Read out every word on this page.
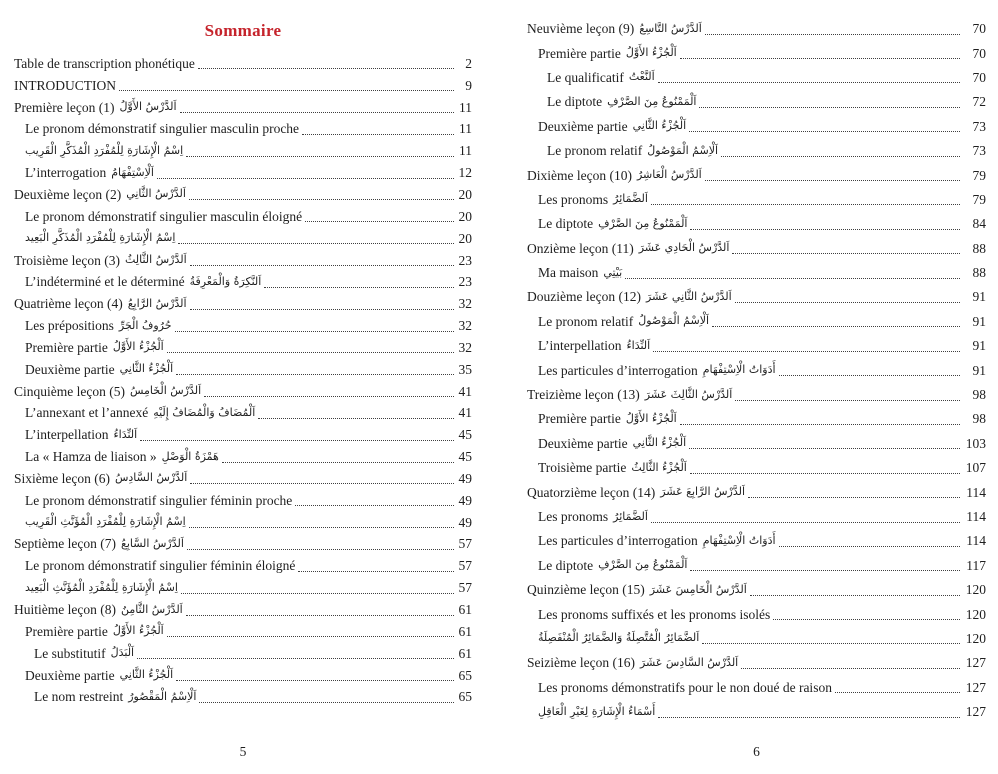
Sommaire
Table de transcription phonétique	2
INTRODUCTION	9
Première leçon (1) اَلدَّرْسُ الأَوَّلُ	11
Le pronom démonstratif singulier masculin proche	11
اِسْمُ الْإِشَارَةِ لِلْمُفْرَدِ الْمُذَكَّرِ الْقَرِيب	11
L’interrogation اَلْاِسْتِفْهَامُ	12
Deuxième leçon (2) اَلدَّرْسُ الثَّانِي	20
Le pronom démonstratif singulier masculin éloigné	20
اِسْمُ الْإِشَارَةِ لِلْمُفْرَدِ الْمُذَكَّرِ الْبَعِيد	20
Troisième leçon (3) اَلدَّرْسُ الثَّالِثُ	23
L’indéterminé et le déterminé اَلنَّكِرَةُ وَالْمَعْرِفَةُ	23
Quatrième leçon (4) اَلدَّرْسُ الرَّابِعُ	32
Les prépositions حُرُوفُ الْجَرِّ	32
Première partie اَلْجُزْءُ الأَوَّلُ	32
Deuxième partie اَلْجُزْءُ الثَّانِي	35
Cinquième leçon (5) اَلدَّرْسُ الْخَامِسُ	41
L’annexant et l’annexé اَلْمُضَافُ وَالْمُضَافُ إِلَيْهِ	41
L’interpellation اَلنِّدَاءُ	45
La « Hamza de liaison » هَمْزَةُ الْوَصْلِ	45
Sixième leçon (6) اَلدَّرْسُ السَّادِسُ	49
Le pronom démonstratif singulier féminin proche	49
اِسْمُ الْإِشَارَةِ لِلْمُفْرَدِ الْمُؤَنَّثِ الْقَرِيب	49
Septième leçon (7) اَلدَّرْسُ السَّابِعُ	57
Le pronom démonstratif singulier féminin éloigné	57
اِسْمُ الْإِشَارَةِ لِلْمُفْرَدِ الْمُؤَنَّثِ الْبَعِيد	57
Huitième leçon (8) اَلدَّرْسُ الثَّامِنُ	61
Première partie اَلْجُزْءُ الأَوَّلُ	61
Le substitutif اَلْبَدَلُ	61
Deuxième partie اَلْجُزْءُ الثَّانِي	65
Le nom restreint اَلْاِسْمُ الْمَقْصُورُ	65
5
Neuvième leçon (9) اَلدَّرْسُ التَّاسِعُ	70
Première partie اَلْجُزْءُ الأَوَّلُ	70
Le qualificatif اَلنَّعْتُ	70
Le diptote اَلْمَمْنُوعُ مِنَ الصَّرْفِ	72
Deuxième partie اَلْجُزْءُ الثَّانِي	73
Le pronom relatif اَلْاِسْمُ الْمَوْصُولُ	73
Dixième leçon (10) اَلدَّرْسُ الْعَاشِرُ	79
Les pronoms اَلضَّمَائِرُ	79
Le diptote اَلْمَمْنُوعُ مِنَ الصَّرْفِ	84
Onzième leçon (11) اَلدَّرْسُ الْحَادِي عَشَرَ	88
Ma maison بَيْتِي	88
Douzième leçon (12) اَلدَّرْسُ الثَّانِي عَشَرَ	91
Le pronom relatif اَلْاِسْمُ الْمَوْصُولُ	91
L’interpellation اَلنِّدَاءُ	91
Les particules d’interrogation أَدَوَاتُ الْاِسْتِفْهَامِ	91
Treizième leçon (13) اَلدَّرْسُ الثَّالِثَ عَشَرَ	98
Première partie اَلْجُزْءُ الأَوَّلُ	98
Deuxième partie اَلْجُزْءُ الثَّانِي	103
Troisième partie اَلْجُزْءُ الثَّالِثُ	107
Quatorzième leçon (14) اَلدَّرْسُ الرَّابِعَ عَشَرَ	114
Les pronoms اَلضَّمَائِرُ	114
Les particules d’interrogation أَدَوَاتُ الْاِسْتِفْهَامِ	114
Le diptote اَلْمَمْنُوعُ مِنَ الصَّرْفِ	117
Quinzième leçon (15) اَلدَّرْسُ الْخَامِسَ عَشَرَ	120
Les pronoms suffixés et les pronoms isolés	120
اَلضَّمَائِرُ الْمُتَّصِلَةُ وَالضَّمَائِرُ الْمُنْفَصِلَةُ	120
Seizième leçon (16) اَلدَّرْسُ السَّادِسَ عَشَرَ	127
Les pronoms démonstratifs pour le non doué de raison	127
أَسْمَاءُ الْإِشَارَةِ لِغَيْرِ الْعَاقِلِ	127
6
